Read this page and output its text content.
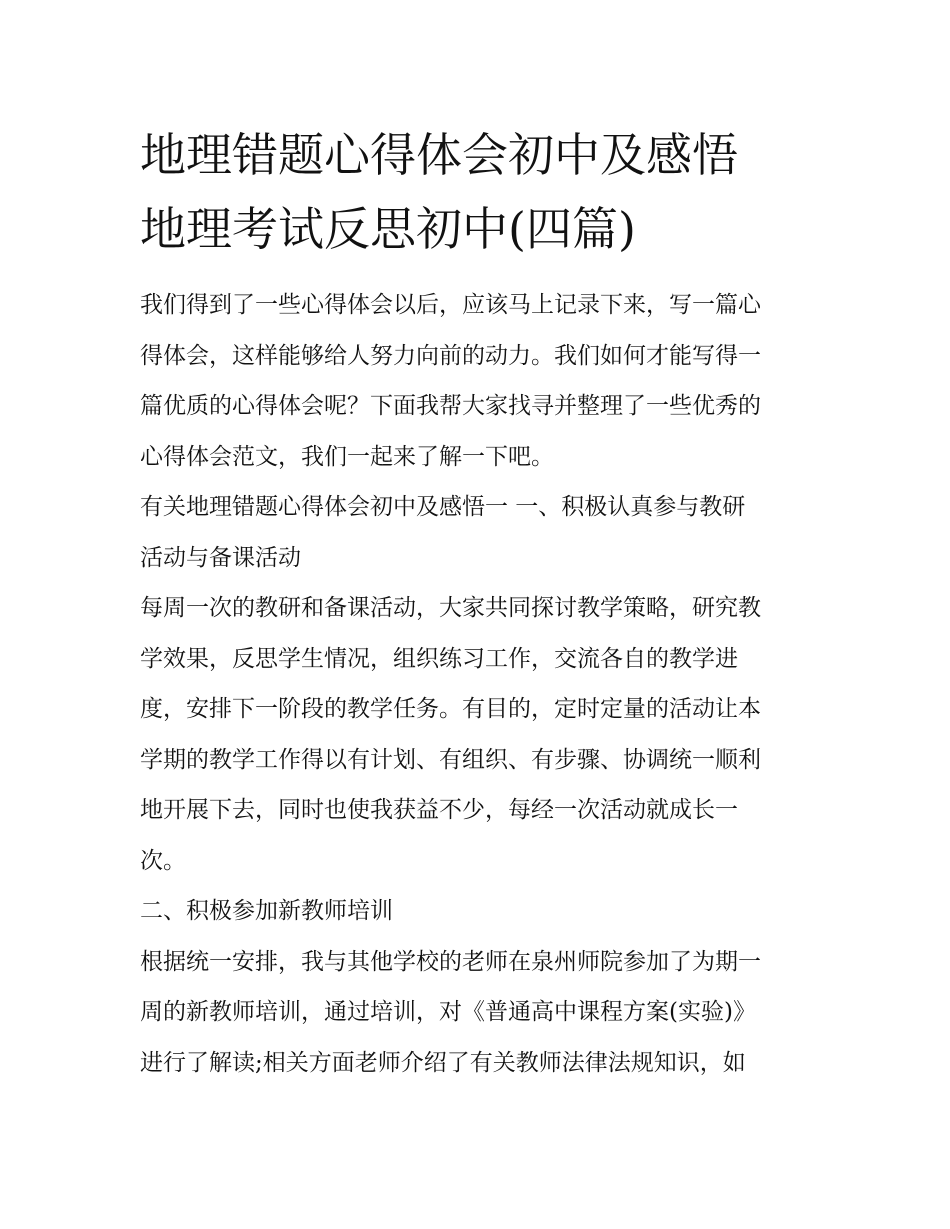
地理错题心得体会初中及感悟
地理考试反思初中(四篇)
我们得到了一些心得体会以后，应该马上记录下来，写一篇心
得体会，这样能够给人努力向前的动力。我们如何才能写得一
篇优质的心得体会呢？下面我帮大家找寻并整理了一些优秀的
心得体会范文，我们一起来了解一下吧。
有关地理错题心得体会初中及感悟一 一、积极认真参与教研
活动与备课活动
每周一次的教研和备课活动，大家共同探讨教学策略，研究教
学效果，反思学生情况，组织练习工作，交流各自的教学进
度，安排下一阶段的教学任务。有目的，定时定量的活动让本
学期的教学工作得以有计划、有组织、有步骤、协调统一顺利
地开展下去，同时也使我获益不少，每经一次活动就成长一
次。
二、积极参加新教师培训
根据统一安排，我与其他学校的老师在泉州师院参加了为期一
周的新教师培训，通过培训，对《普通高中课程方案(实验)》
进行了解读;相关方面老师介绍了有关教师法律法规知识，如
